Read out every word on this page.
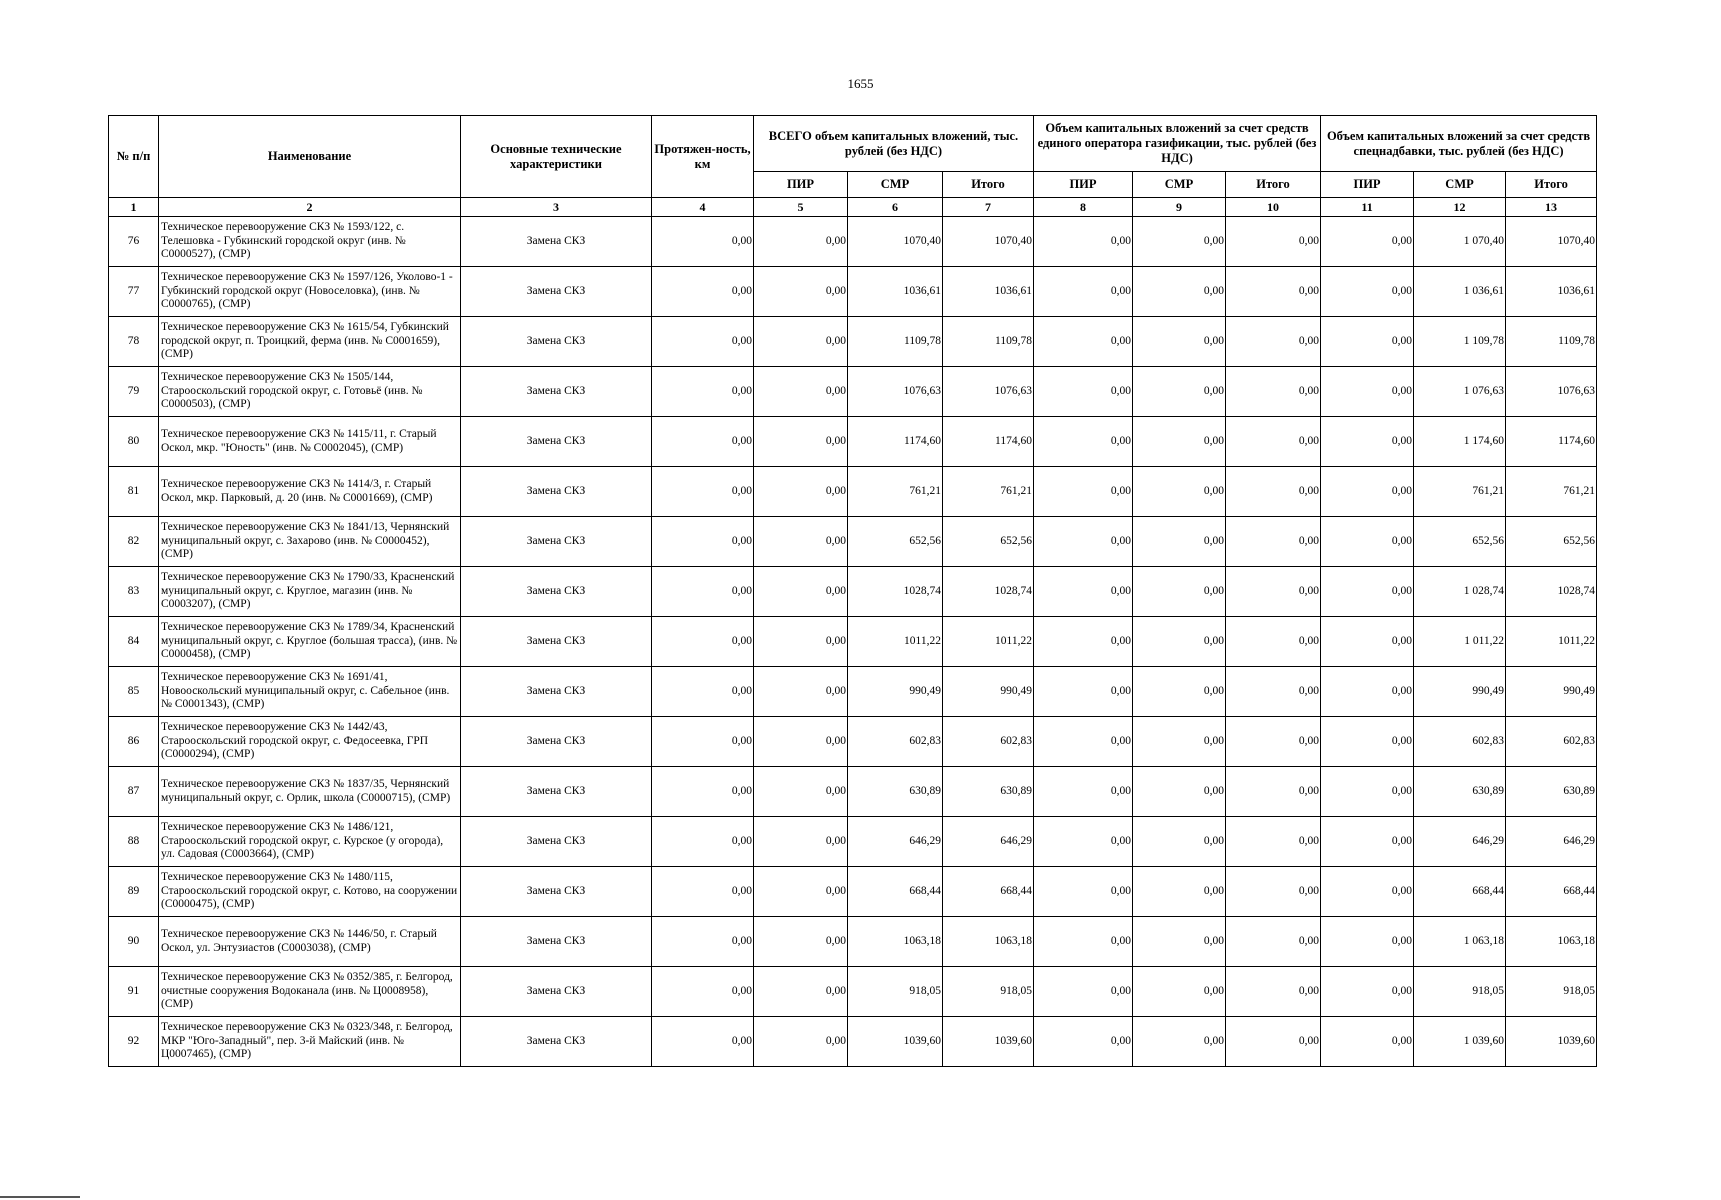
1655
№ п/п	Наименование	Основные технические характеристики	Протяжен-ность, км	ВСЕГО объем капитальных вложений, тыс. рублей (без НДС)			Объем капитальных вложений за счет средств единого оператора газификации, тыс. рублей (без НДС)			Объем капитальных вложений за счет средств спецнадбавки, тыс. рублей (без НДС)		
				ПИР	СМР	Итого	ПИР	СМР	Итого	ПИР	СМР	Итого
1	2	3	4	5	6	7	8	9	10	11	12	13
76	Техническое перевооружение СКЗ № 1593/122, с. Телешовка - Губкинский городской округ (инв. № С0000527), (СМР)	Замена СКЗ	0,00	0,00	1070,40	1070,40	0,00	0,00	0,00	0,00	1 070,40	1070,40
77	Техническое перевооружение СКЗ № 1597/126, Уколово-1 - Губкинский городской округ (Новоселовка), (инв. № С0000765), (СМР)	Замена СКЗ	0,00	0,00	1036,61	1036,61	0,00	0,00	0,00	0,00	1 036,61	1036,61
78	Техническое перевооружение СКЗ № 1615/54, Губкинский городской округ, п. Троицкий, ферма (инв. № С0001659), (СМР)	Замена СКЗ	0,00	0,00	1109,78	1109,78	0,00	0,00	0,00	0,00	1 109,78	1109,78
79	Техническое перевооружение СКЗ № 1505/144, Старооскольский городской округ, с. Готовьё (инв. № С0000503), (СМР)	Замена СКЗ	0,00	0,00	1076,63	1076,63	0,00	0,00	0,00	0,00	1 076,63	1076,63
80	Техническое перевооружение СКЗ № 1415/11, г. Старый Оскол, мкр. "Юность" (инв. № С0002045), (СМР)	Замена СКЗ	0,00	0,00	1174,60	1174,60	0,00	0,00	0,00	0,00	1 174,60	1174,60
81	Техническое перевооружение СКЗ № 1414/3, г. Старый Оскол, мкр. Парковый, д. 20 (инв. № С0001669), (СМР)	Замена СКЗ	0,00	0,00	761,21	761,21	0,00	0,00	0,00	0,00	761,21	761,21
82	Техническое перевооружение СКЗ № 1841/13, Чернянский муниципальный округ, с. Захарово (инв. № С0000452), (СМР)	Замена СКЗ	0,00	0,00	652,56	652,56	0,00	0,00	0,00	0,00	652,56	652,56
83	Техническое перевооружение СКЗ № 1790/33, Красненский муниципальный округ, с. Круглое, магазин (инв. № С0003207), (СМР)	Замена СКЗ	0,00	0,00	1028,74	1028,74	0,00	0,00	0,00	0,00	1 028,74	1028,74
84	Техническое перевооружение СКЗ № 1789/34, Красненский муниципальный округ, с. Круглое (большая трасса), (инв. № С0000458), (СМР)	Замена СКЗ	0,00	0,00	1011,22	1011,22	0,00	0,00	0,00	0,00	1 011,22	1011,22
85	Техническое перевооружение СКЗ № 1691/41, Новооскольский муниципальный округ, с. Сабельное (инв. № С0001343), (СМР)	Замена СКЗ	0,00	0,00	990,49	990,49	0,00	0,00	0,00	0,00	990,49	990,49
86	Техническое перевооружение СКЗ № 1442/43, Старооскольский городской округ, с. Федосеевка, ГРП (С0000294), (СМР)	Замена СКЗ	0,00	0,00	602,83	602,83	0,00	0,00	0,00	0,00	602,83	602,83
87	Техническое перевооружение СКЗ № 1837/35, Чернянский муниципальный округ, с. Орлик, школа (С0000715), (СМР)	Замена СКЗ	0,00	0,00	630,89	630,89	0,00	0,00	0,00	0,00	630,89	630,89
88	Техническое перевооружение СКЗ № 1486/121, Старооскольский городской округ, с. Курское (у огорода), ул. Садовая (С0003664), (СМР)	Замена СКЗ	0,00	0,00	646,29	646,29	0,00	0,00	0,00	0,00	646,29	646,29
89	Техническое перевооружение СКЗ № 1480/115, Старооскольский городской округ, с. Котово, на сооружении (С0000475), (СМР)	Замена СКЗ	0,00	0,00	668,44	668,44	0,00	0,00	0,00	0,00	668,44	668,44
90	Техническое перевооружение СКЗ № 1446/50, г. Старый Оскол, ул. Энтузиастов (С0003038), (СМР)	Замена СКЗ	0,00	0,00	1063,18	1063,18	0,00	0,00	0,00	0,00	1 063,18	1063,18
91	Техническое перевооружение СКЗ № 0352/385, г. Белгород, очистные сооружения Водоканала (инв. № Ц0008958), (СМР)	Замена СКЗ	0,00	0,00	918,05	918,05	0,00	0,00	0,00	0,00	918,05	918,05
92	Техническое перевооружение СКЗ № 0323/348, г. Белгород, МКР "Юго-Западный", пер. 3-й Майский (инв. № Ц0007465), (СМР)	Замена СКЗ	0,00	0,00	1039,60	1039,60	0,00	0,00	0,00	0,00	1 039,60	1039,60
